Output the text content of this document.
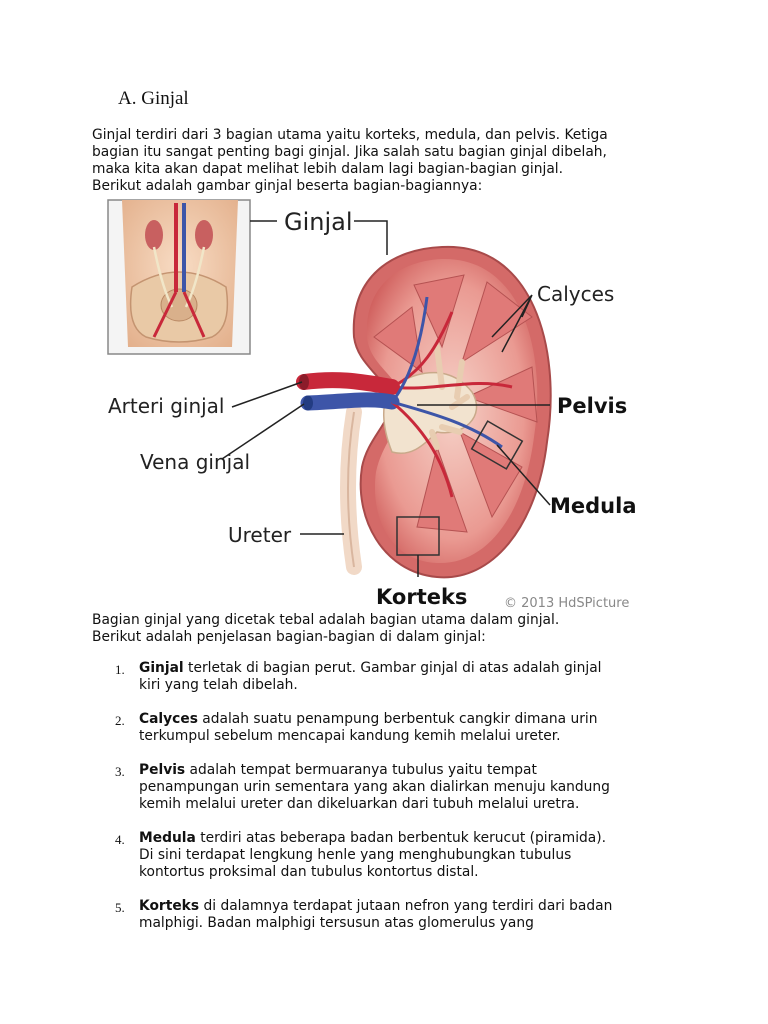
A. Ginjal

Ginjal terdiri dari 3 bagian utama yaitu korteks, medula, dan pelvis. Ketiga

bagian itu sangat penting bagi ginjal. Jika salah satu bagian ginjal dibelah,

maka kita akan dapat melihat lebih dalam lagi bagian-bagian ginjal.

Berikut adalah gambar ginjal beserta bagian-bagiannya:

Ginjal
Calyces
Arteri ginjal	Pelvis
Vena ginjal
Medula
Ureter
Korteks	© 2013 HdSPicture

Bagian ginjal yang dicetak tebal adalah bagian utama dalam ginjal.

Berikut adalah penjelasan bagian-bagian di dalam ginjal:

1. Ginjal terletak di bagian perut. Gambar ginjal di atas adalah ginjal
kiri yang telah dibelah.
2. Calyces adalah suatu penampung berbentuk cangkir dimana urin
terkumpul sebelum mencapai kandung kemih melalui ureter.
3. Pelvis adalah tempat bermuaranya tubulus yaitu tempat
penampungan urin sementara yang akan dialirkan menuju kandung
kemih melalui ureter dan dikeluarkan dari tubuh melalui uretra.
4. Medula terdiri atas beberapa badan berbentuk kerucut (piramida).
Di sini terdapat lengkung henle yang menghubungkan tubulus
kontortus proksimal dan tubulus kontortus distal.
5. Korteks di dalamnya terdapat jutaan nefron yang terdiri dari badan
malphigi. Badan malphigi tersusun atas glomerulus yang
